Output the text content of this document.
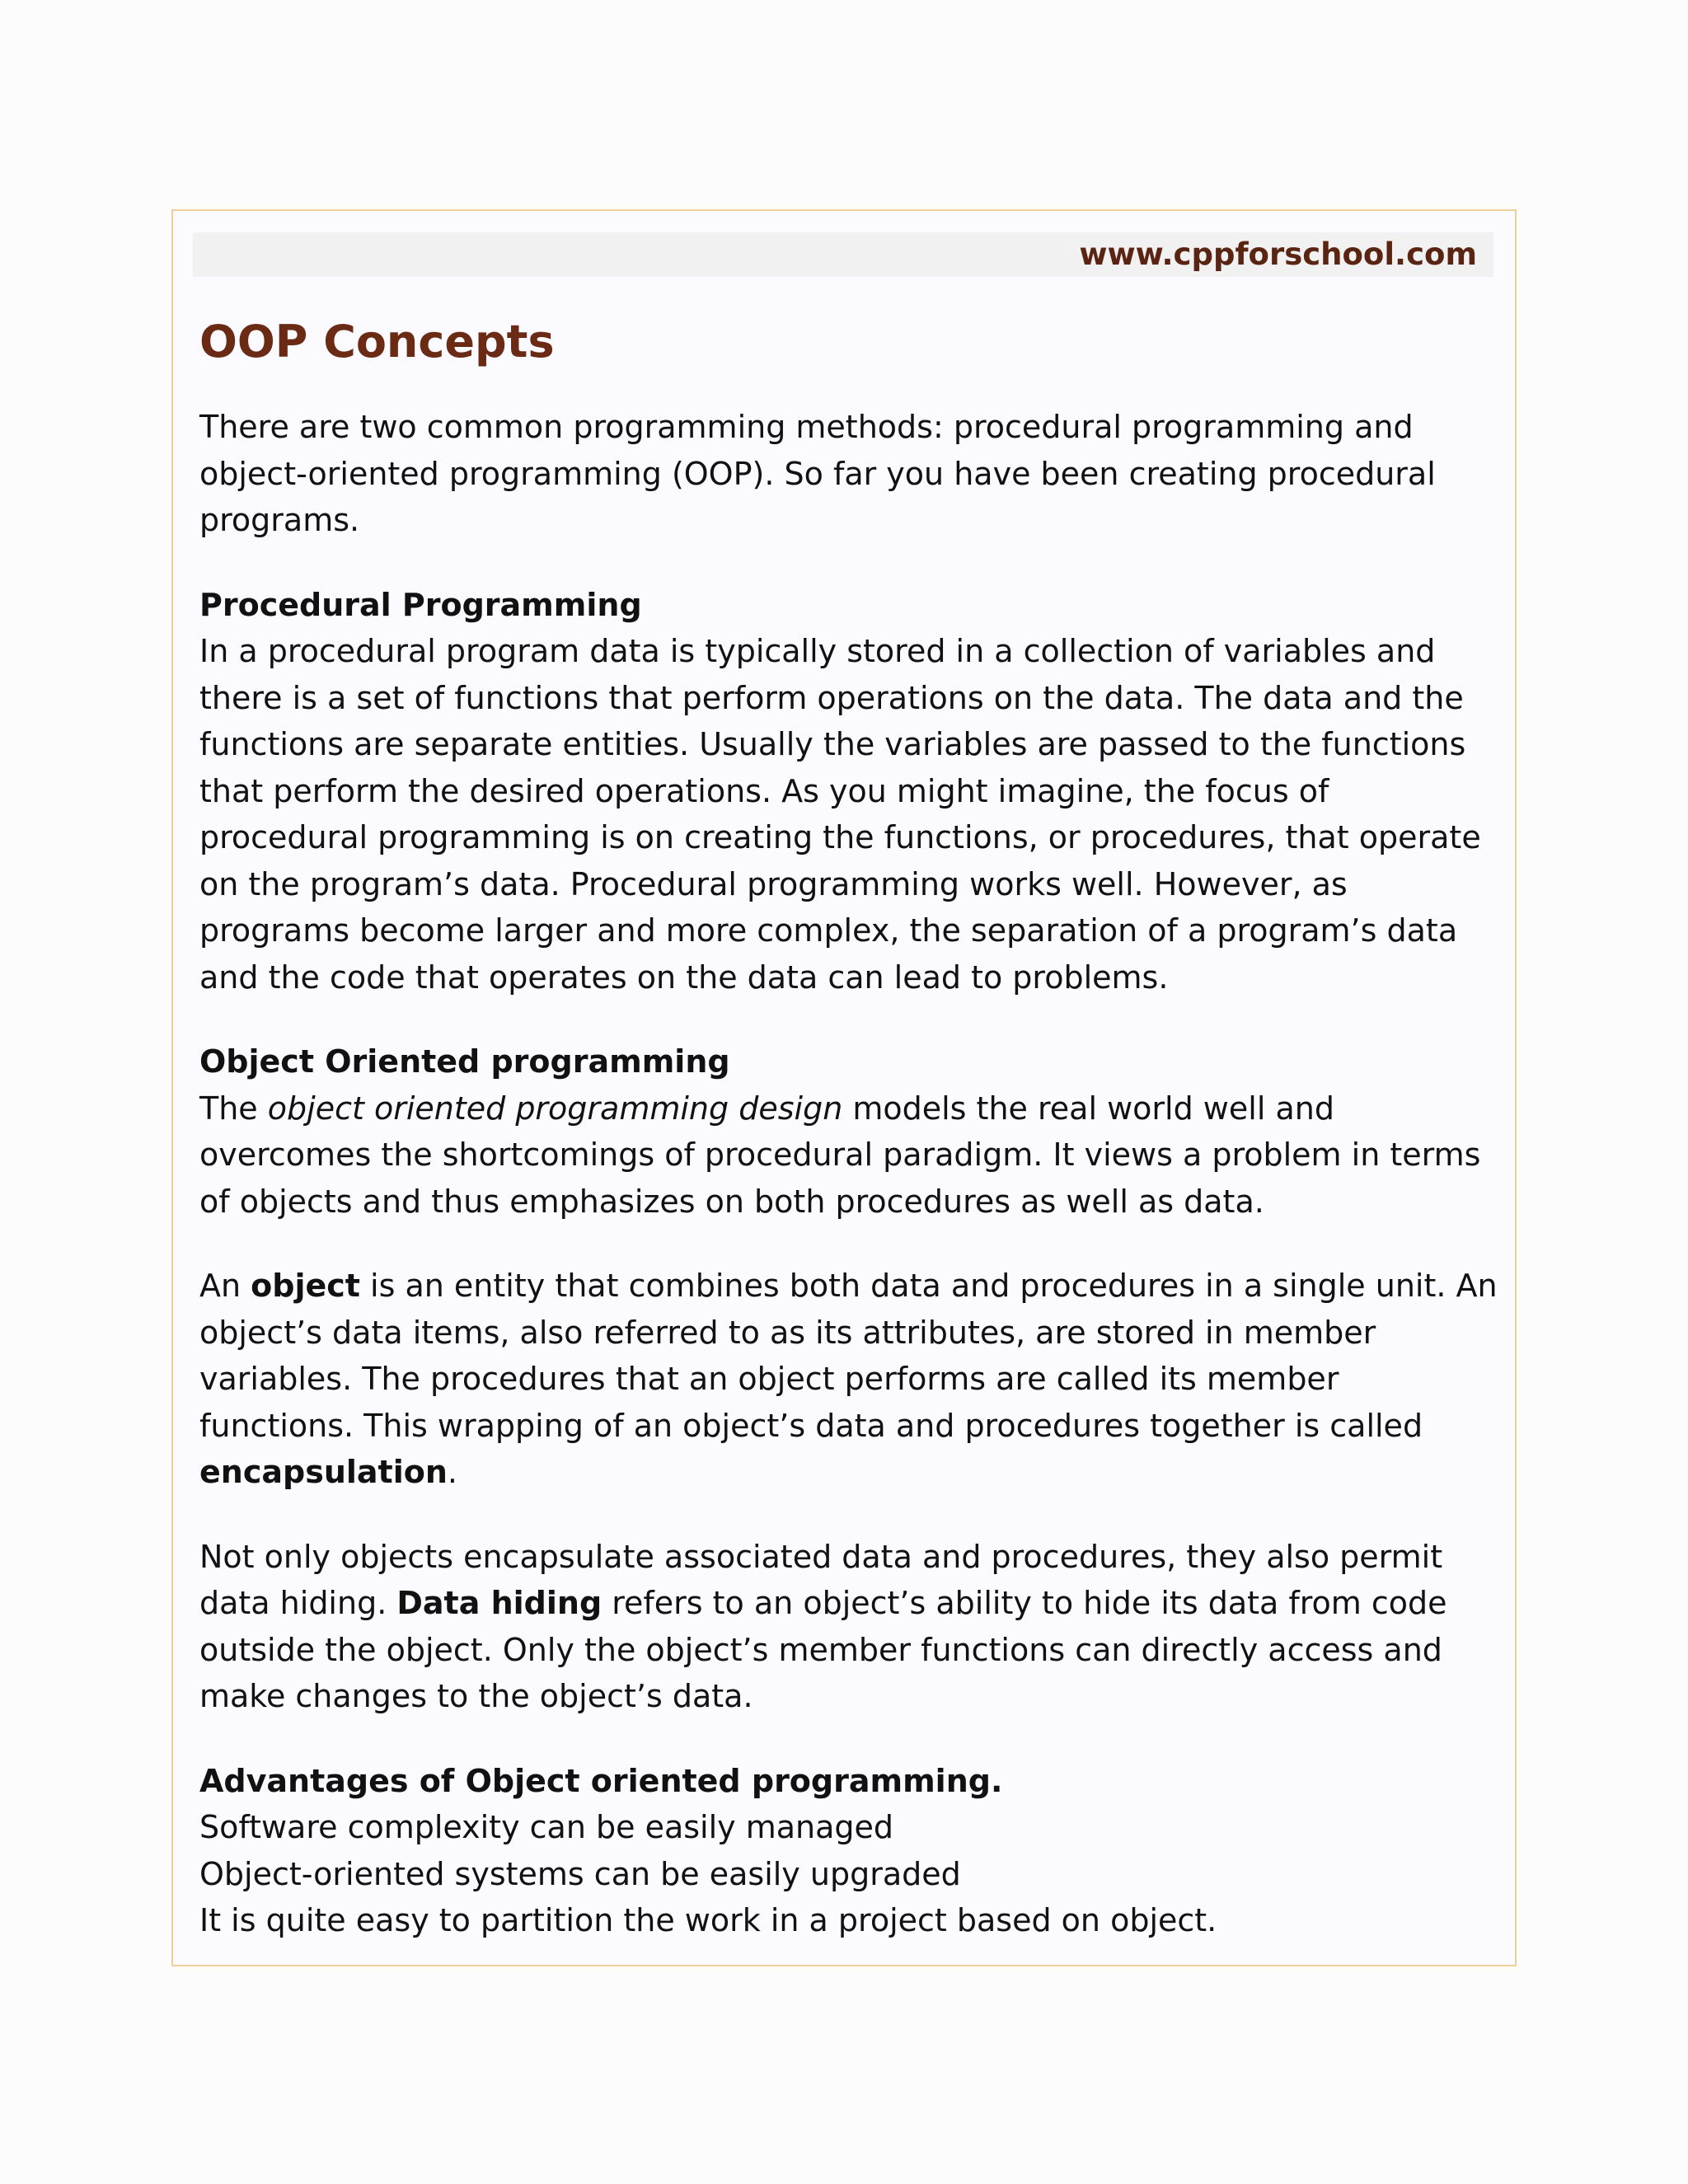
www.cppforschool.com
OOP Concepts

There are two common programming methods: procedural programming and object-oriented programming (OOP). So far you have been creating procedural programs.

Procedural Programming

In a procedural program data is typically stored in a collection of variables and there is a set of functions that perform operations on the data. The data and the functions are separate entities. Usually the variables are passed to the functions that perform the desired operations. As you might imagine, the focus of procedural programming is on creating the functions, or procedures, that operate on the program’s data. Procedural programming works well. However, as programs become larger and more complex, the separation of a program’s data and the code that operates on the data can lead to problems.

Object Oriented programming

The object oriented programming design models the real world well and overcomes the shortcomings of procedural paradigm. It views a problem in terms of objects and thus emphasizes on both procedures as well as data.

An object is an entity that combines both data and procedures in a single unit. An object’s data items, also referred to as its attributes, are stored in member variables. The procedures that an object performs are called its member functions. This wrapping of an object’s data and procedures together is called encapsulation.

Not only objects encapsulate associated data and procedures, they also permit data hiding. Data hiding refers to an object’s ability to hide its data from code outside the object. Only the object’s member functions can directly access and make changes to the object’s data.

Advantages of Object oriented programming.

Software complexity can be easily managed
Object-oriented systems can be easily upgraded
It is quite easy to partition the work in a project based on object.
